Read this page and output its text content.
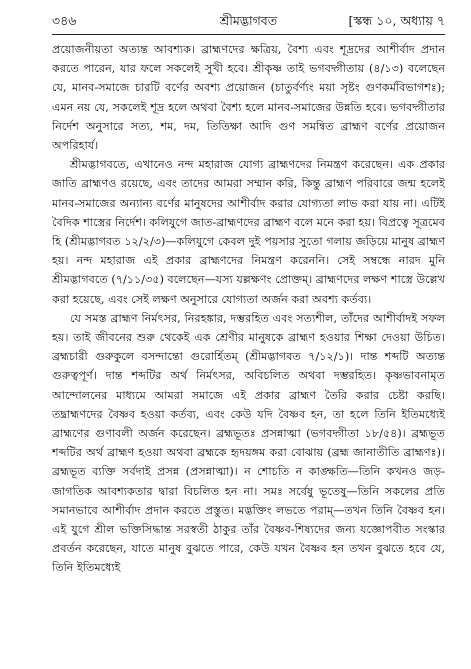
৩৪৬	শ্রীমদ্ভাগবত	[স্কন্ধ ১০, অধ্যায় ৭

প্রয়োজনীয়তা অত্যন্ত আবশ্যক। ব্রাহ্মণদের ক্ষত্রিয়, বৈশ্য এবং শূদ্রদের আশীর্বাদ প্রদান করতে পারেন, যার ফলে সকলেই সুখী হবে। শ্রীকৃষ্ণ তাই ভগবদ্গীতায় (৪/১৩) বলেছেন যে, মানব-সমাজে চারটি বর্ণের অবশ্য প্রয়োজন (চাতুর্বর্ণ্যং ময়া সৃষ্টং গুণকর্মবিভাগশঃ); এমন নয় যে, সকলেই শূদ্র হলে অথবা বৈশ্য হলে মানব-সমাজের উন্নতি হবে। ভগবদ্গীতার নির্দেশ অনুসারে সত্য, শম, দম, তিতিক্ষা আদি গুণ সমন্বিত ব্রাহ্মণ বর্ণের প্রয়োজন অপরিহার্য।

শ্রীমদ্ভাগবতে, এখানেও নন্দ মহারাজ যোগ্য ব্রাহ্মণদের নিমন্ত্রণ করেছেন। এক প্রকার জাতি ব্রাহ্মণও রয়েছে, এবং তাদের আমরা সম্মান করি, কিন্তু ব্রাহ্মণ পরিবারে জন্ম হলেই মানব-সমাজের অন্যান্য বর্ণের মানুষদের আশীর্বাদ করার যোগ্যতা লাভ করা যায় না। এটিই বৈদিক শাস্ত্রের নির্দেশ। কলিযুগে জাত-ব্রাহ্মণদের ব্রাহ্মণ বলে মনে করা হয়। বিপ্রত্বে সূত্রমেব হি (শ্রীমদ্ভাগবত ১২/২/৩)—কলিযুগে কেবল দুই পয়সার সুতো গলায় জড়িয়ে মানুষ ব্রাহ্মণ হয়। নন্দ মহারাজ এই প্রকার ব্রাহ্মণদের নিমন্ত্রণ করেননি। সেই সম্বন্ধে নারদ মুনি শ্রীমদ্ভাগবতে (৭/১১/৩৫) বলেছেন—যস্য যল্লক্ষণং প্রোক্তম্। ব্রাহ্মণদের লক্ষণ শাস্ত্রে উল্লেখ করা হয়েছে, এবং সেই লক্ষণ অনুসারে যোগ্যতা অর্জন করা অবশ্য কর্তব্য।

যে সমস্ত ব্রাহ্মণ নির্মৎসর, নিরহঙ্কার, দম্ভরহিত এবং সত্যশীল, তাঁদের আশীর্বাদই সফল হয়। তাই জীবনের শুরু থেকেই এক শ্রেণীর মানুষকে ব্রাহ্মণ হওয়ার শিক্ষা দেওয়া উচিত। ব্রহ্মচারী গুরুকুলে বসন্দান্তো গুরোর্হিতম্ (শ্রীমদ্ভাগবত ৭/১২/১)। দান্ত শব্দটি অত্যন্ত গুরুত্বপূর্ণ। দান্ত শব্দটির অর্থ নির্মৎসর, অবিচলিত অথবা দম্ভরহিত। কৃষ্ণভাবনামৃত আন্দোলনের মাধ্যমে আমরা সমাজে এই প্রকার ব্রাহ্মণ তৈরি করার চেষ্টা করছি। তদ্ব্রাহ্মণদের বৈষ্ণব হওয়া কর্তব্য, এবং কেউ যদি বৈষ্ণব হন, তা হলে তিনি ইতিমধ্যেই ব্রাহ্মণের গুণাবলী অর্জন করেছেন। ব্রহ্মভূতঃ প্রসন্নাত্মা (ভগবদ্গীতা ১৮/৫৪)। ব্রহ্মভূত শব্দটির অর্থ ব্রাহ্মণ হওয়া অথবা ব্রহ্মকে হৃদয়ঙ্গম করা বোঝায় (ব্রহ্ম জানাতীতি ব্রাহ্মণঃ)। ব্রহ্মভূত ব্যক্তি সর্বদাই প্রসন্ন (প্রসন্নাত্মা)। ন শোচতি ন কাঙ্ক্ষতি—তিনি কখনও জড়-জাগতিক আবশ্যকতার দ্বারা বিচলিত হন না। সমঃ সর্বেষু ভূতেষু—তিনি সকলের প্রতি সমানভাবে আশীর্বাদ প্রদান করতে প্রস্তুত। মদ্ভক্তিং লভতে পরাম্—তখন তিনি বৈষ্ণব হন। এই যুগে শ্রীল ভক্তিসিদ্ধান্ত সরস্বতী ঠাকুর তাঁর বৈষ্ণব-শিষ্যদের জন্য যজ্ঞোপবীত সংস্কার প্রবর্তন করেছেন, যাতে মানুষ বুঝতে পারে, কেউ যখন বৈষ্ণব হন তখন বুঝতে হবে যে, তিনি ইতিমধ্যেই
